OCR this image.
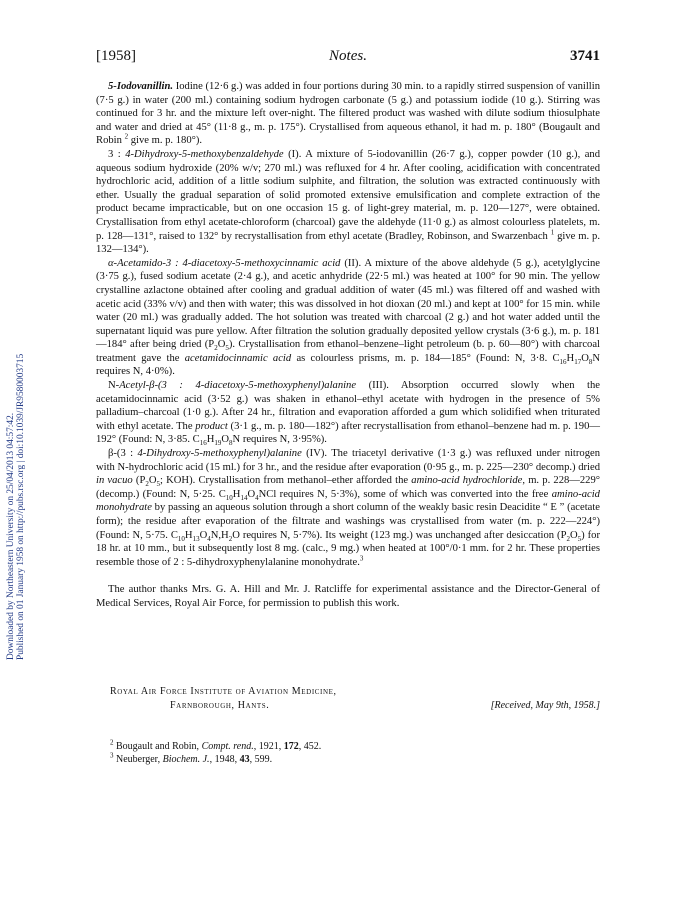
Downloaded by Northeastern University on 25/04/2013 04:57:42. Published on 01 January 1958 on http://pubs.rsc.org | doi:10.1039/JR9580003715
[1958]	Notes.	3741

5-Iodovanillin. Iodine (12·6 g.) was added in four portions during 30 min. to a rapidly stirred suspension of vanillin (7·5 g.) in water (200 ml.) containing sodium hydrogen carbonate (5 g.) and potassium iodide (10 g.). Stirring was continued for 3 hr. and the mixture left over-night. The filtered product was washed with dilute sodium thiosulphate and water and dried at 45° (11·8 g., m. p. 175°). Crystallised from aqueous ethanol, it had m. p. 180° (Bougault and Robin $^2$ give m. p. 180°).

3 : 4-Dihydroxy-5-methoxybenzaldehyde (I). A mixture of 5-iodovanillin (26·7 g.), copper powder (10 g.), and aqueous sodium hydroxide (20% w/v; 270 ml.) was refluxed for 4 hr. After cooling, acidification with concentrated hydrochloric acid, addition of a little sodium sulphite, and filtration, the solution was extracted continuously with ether. Usually the gradual separation of solid promoted extensive emulsification and complete extraction of the product became impracticable, but on one occasion 15 g. of light-grey material, m. p. 120—127°, were obtained. Crystallisation from ethyl acetate-chloroform (charcoal) gave the aldehyde (11·0 g.) as almost colourless platelets, m. p. 128—131°, raised to 132° by recrystallisation from ethyl acetate (Bradley, Robinson, and Swarzenbach $^1$ give m. p. 132—134°).

α-Acetamido-3 : 4-diacetoxy-5-methoxycinnamic acid (II). A mixture of the above aldehyde (5 g.), acetylglycine (3·75 g.), fused sodium acetate (2·4 g.), and acetic anhydride (22·5 ml.) was heated at 100° for 90 min. The yellow crystalline azlactone obtained after cooling and gradual addition of water (45 ml.) was filtered off and washed with acetic acid (33% v/v) and then with water; this was dissolved in hot dioxan (20 ml.) and kept at 100° for 15 min. while water (20 ml.) was gradually added. The hot solution was treated with charcoal (2 g.) and hot water added until the supernatant liquid was pure yellow. After filtration the solution gradually deposited yellow crystals (3·6 g.), m. p. 181—184° after being dried $(P_2O_5)$. Crystallisation from ethanol–benzene–light petroleum (b. p. 60—80°) with charcoal treatment gave the acetamidocinnamic acid as colourless prisms, m. p. 184—185° (Found: N, 3·8. $C_{16}H_{17}O_8N$ requires N, 4·0%).

N-Acetyl-β-(3 : 4-diacetoxy-5-methoxyphenyl)alanine (III). Absorption occurred slowly when the acetamidocinnamic acid (3·52 g.) was shaken in ethanol–ethyl acetate with hydrogen in the presence of 5% palladium–charcoal (1·0 g.). After 24 hr., filtration and evaporation afforded a gum which solidified when triturated with ethyl acetate. The product (3·1 g., m. p. 180—182°) after recrystallisation from ethanol–benzene had m. p. 190—192° (Found: N, 3·85. $C_{16}H_{19}O_8N$ requires N, 3·95%).

β-(3 : 4-Dihydroxy-5-methoxyphenyl)alanine (IV). The triacetyl derivative (1·3 g.) was refluxed under nitrogen with N-hydrochloric acid (15 ml.) for 3 hr., and the residue after evaporation (0·95 g., m. p. 225—230° decomp.) dried in vacuo ($P_2O_5$; KOH). Crystallisation from methanol–ether afforded the amino-acid hydrochloride, m. p. 228—229° (decomp.) (Found: N, 5·25. $C_{10}H_{14}O_4NCl$ requires N, 5·3%), some of which was converted into the free amino-acid monohydrate by passing an aqueous solution through a short column of the weakly basic resin Deacidite “ E ” (acetate form); the residue after evaporation of the filtrate and washings was crystallised from water (m. p. 222—224°) (Found: N, 5·75. $C_{10}H_{13}O_4N,H_2O$ requires N, 5·7%). Its weight (123 mg.) was unchanged after desiccation $(P_2O_5)$ for 18 hr. at 10 mm., but it subsequently lost 8 mg. (calc., 9 mg.) when heated at 100°/0·1 mm. for 2 hr. These properties resemble those of 2 : 5-dihydroxyphenylalanine monohydrate.$^3$

The author thanks Mrs. G. A. Hill and Mr. J. Ratcliffe for experimental assistance and the Director-General of Medical Services, Royal Air Force, for permission to publish this work.

Royal Air Force Institute of Aviation Medicine,
Farnborough, Hants.	[Received, May 9th, 1958.]
$^2$ Bougault and Robin, Compt. rend., 1921, 172, 452.
$^3$ Neuberger, Biochem. J., 1948, 43, 599.
